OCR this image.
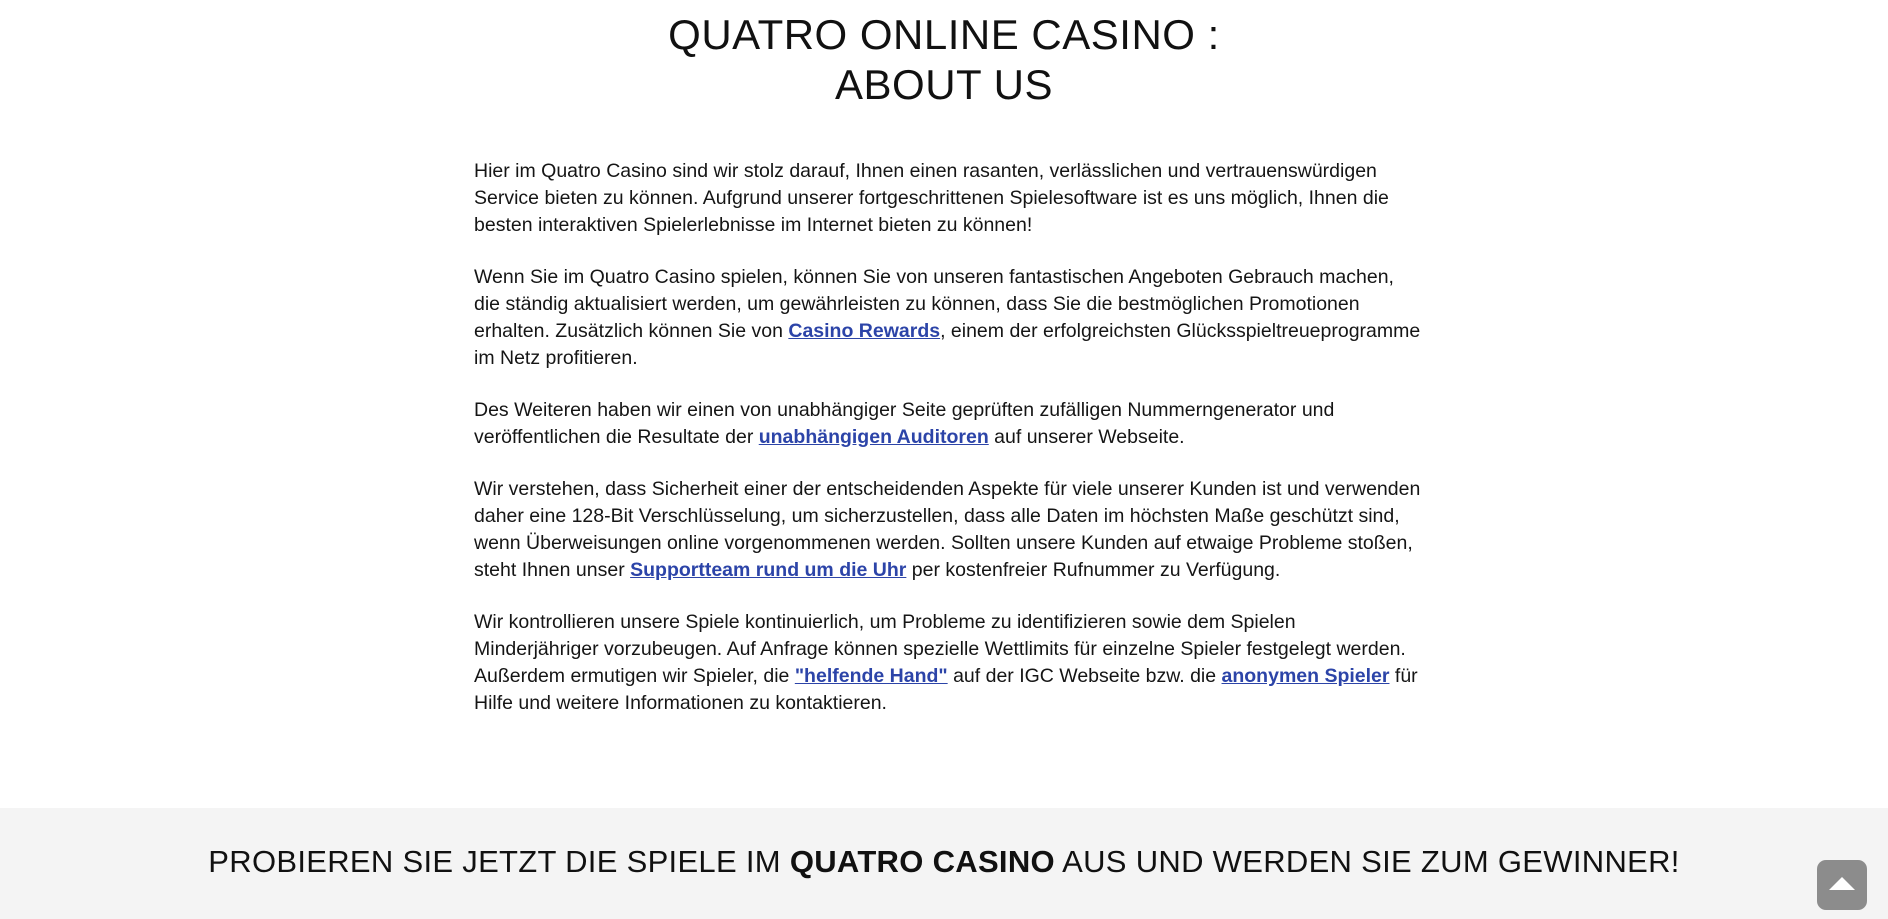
QUATRO ONLINE CASINO :
ABOUT US

Hier im Quatro Casino sind wir stolz darauf, Ihnen einen rasanten, verlässlichen und vertrauenswürdigen Service bieten zu können. Aufgrund unserer fortgeschrittenen Spielesoftware ist es uns möglich, Ihnen die besten interaktiven Spielerlebnisse im Internet bieten zu können!

Wenn Sie im Quatro Casino spielen, können Sie von unseren fantastischen Angeboten Gebrauch machen, die ständig aktualisiert werden, um gewährleisten zu können, dass Sie die bestmöglichen Promotionen erhalten. Zusätzlich können Sie von Casino Rewards, einem der erfolgreichsten Glücksspieltreueprogramme im Netz profitieren.

Des Weiteren haben wir einen von unabhängiger Seite geprüften zufälligen Nummerngenerator und veröffentlichen die Resultate der unabhängigen Auditoren auf unserer Webseite.

Wir verstehen, dass Sicherheit einer der entscheidenden Aspekte für viele unserer Kunden ist und verwenden daher eine 128-Bit Verschlüsselung, um sicherzustellen, dass alle Daten im höchsten Maße geschützt sind, wenn Überweisungen online vorgenommenen werden. Sollten unsere Kunden auf etwaige Probleme stoßen, steht Ihnen unser Supportteam rund um die Uhr per kostenfreier Rufnummer zu Verfügung.

Wir kontrollieren unsere Spiele kontinuierlich, um Probleme zu identifizieren sowie dem Spielen Minderjähriger vorzubeugen. Auf Anfrage können spezielle Wettlimits für einzelne Spieler festgelegt werden. Außerdem ermutigen wir Spieler, die "helfende Hand" auf der IGC Webseite bzw. die anonymen Spieler für Hilfe und weitere Informationen zu kontaktieren.

PROBIEREN SIE JETZT DIE SPIELE IM QUATRO CASINO AUS UND WERDEN SIE ZUM GEWINNER!
